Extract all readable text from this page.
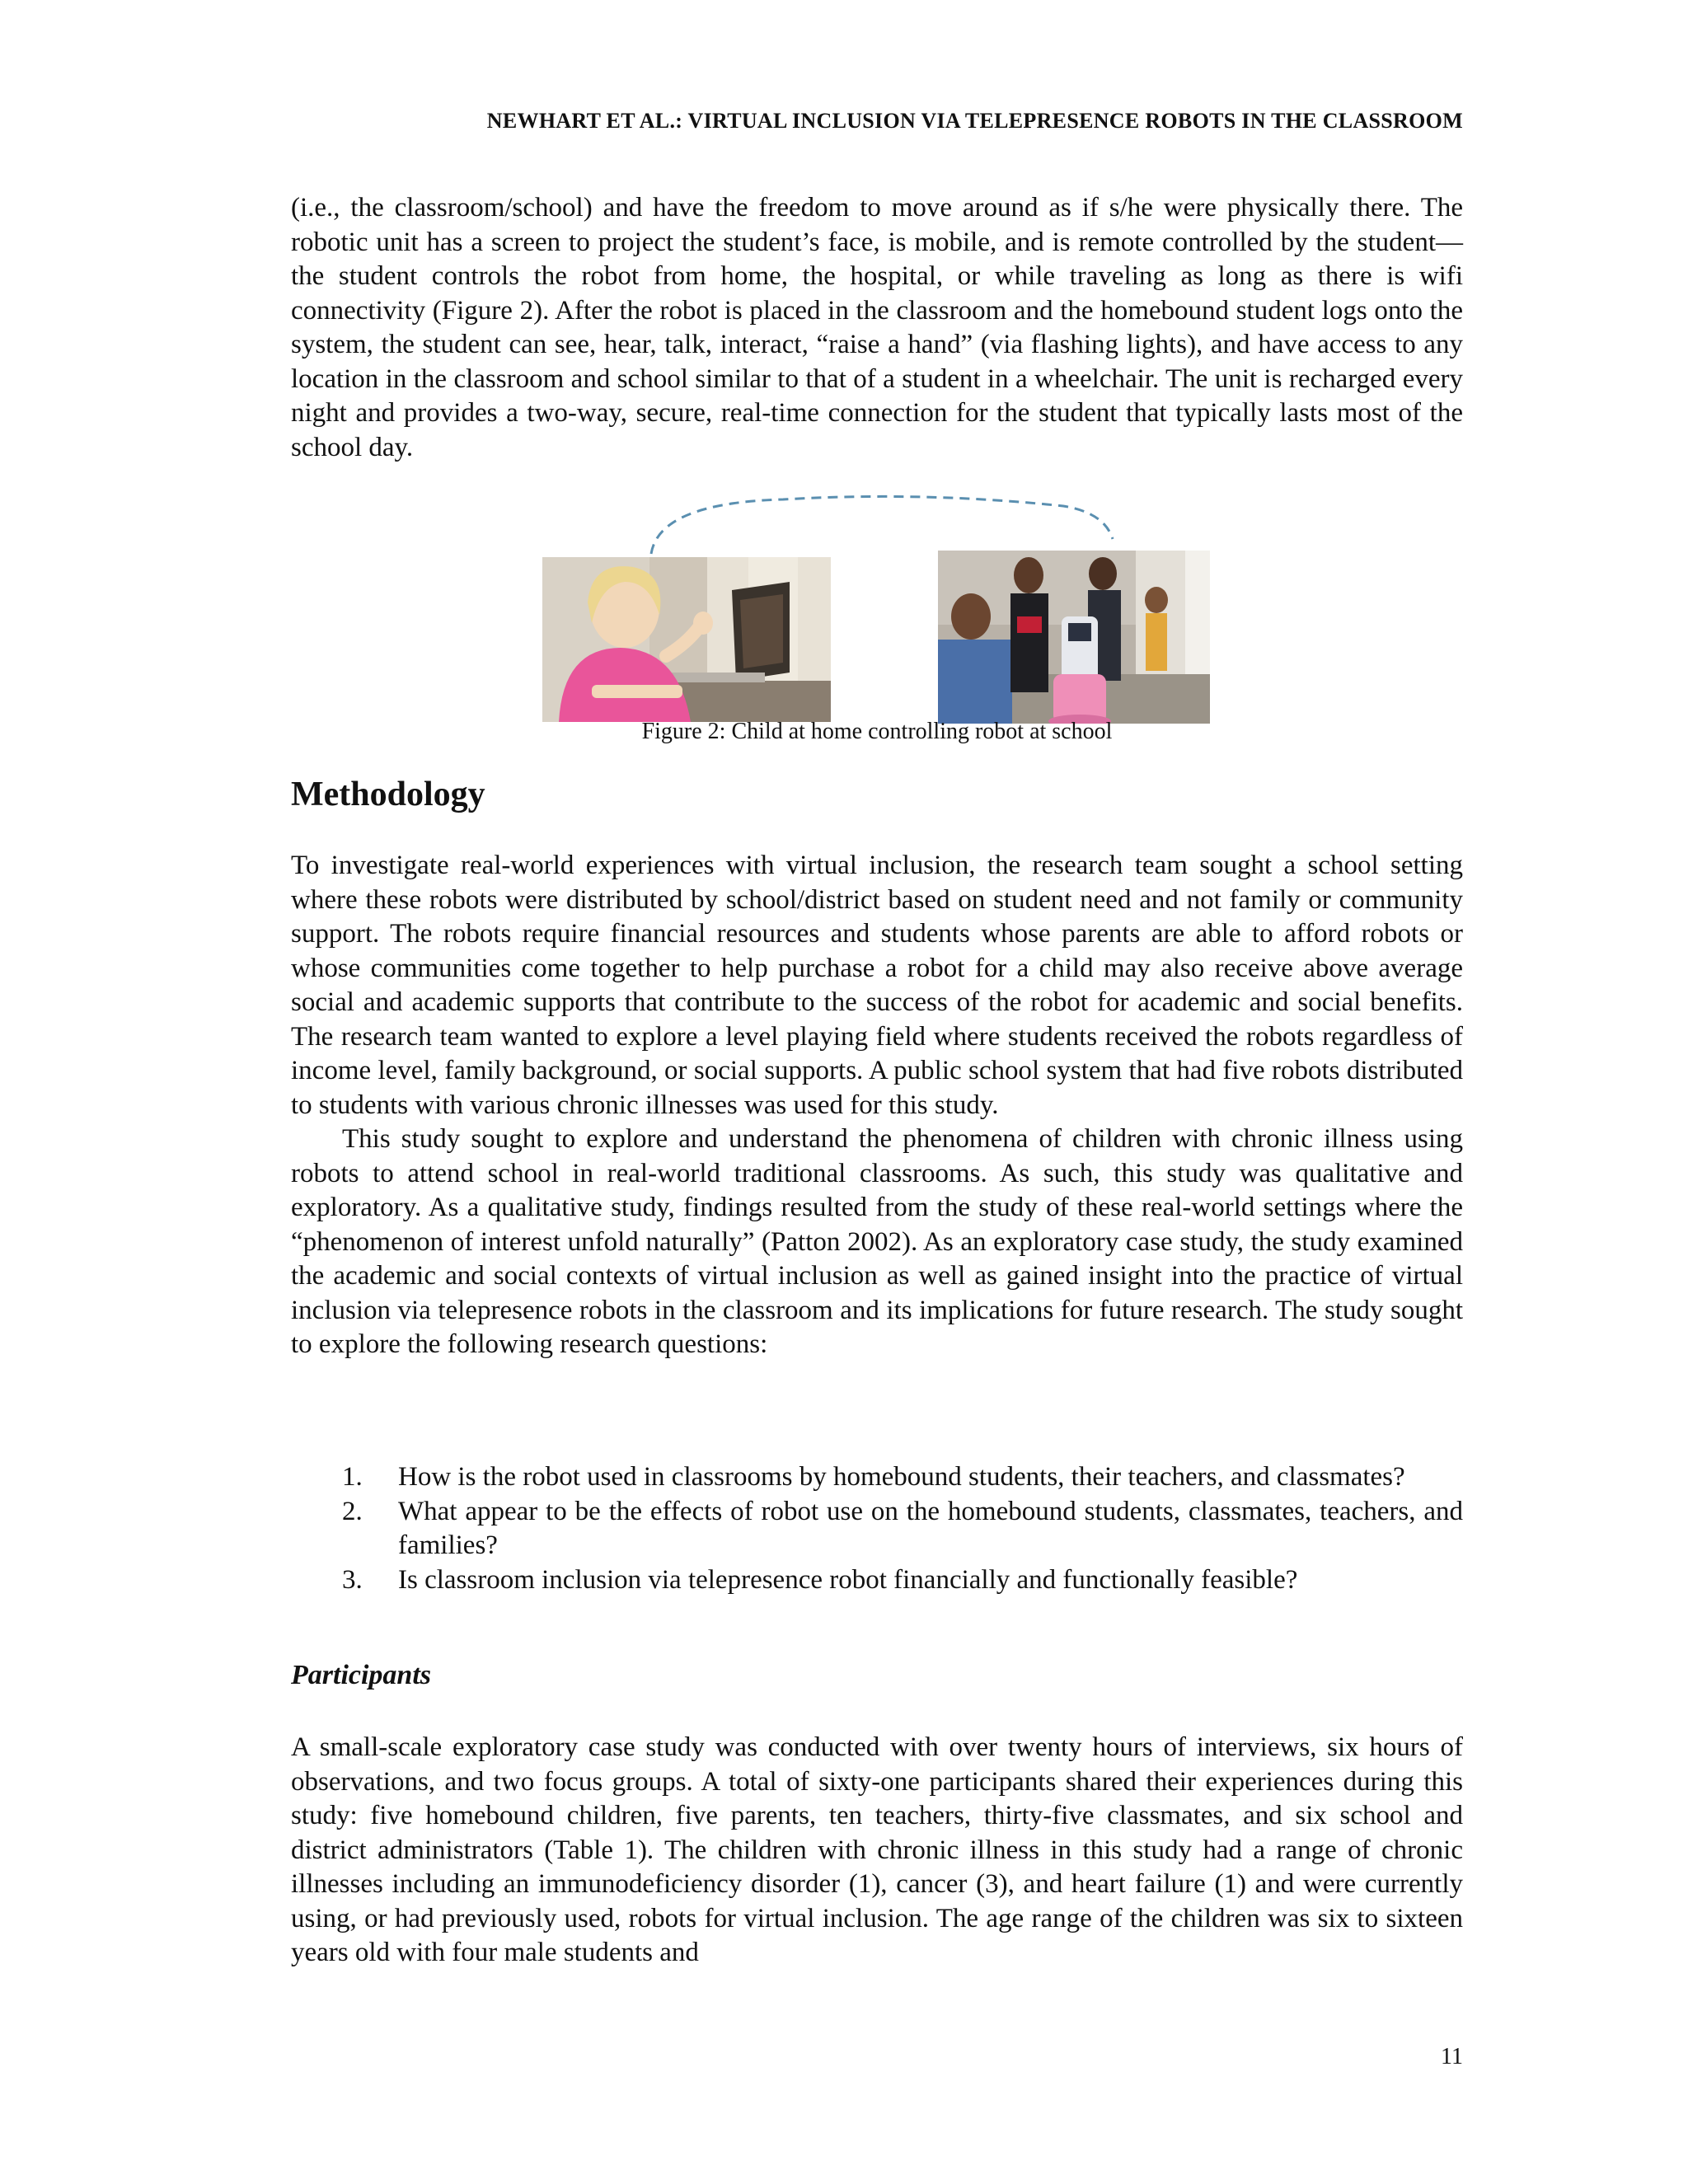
NEWHART ET AL.: VIRTUAL INCLUSION VIA TELEPRESENCE ROBOTS IN THE CLASSROOM

(i.e., the classroom/school) and have the freedom to move around as if s/he were physically there. The robotic unit has a screen to project the student’s face, is mobile, and is remote controlled by the student—the student controls the robot from home, the hospital, or while traveling as long as there is wifi connectivity (Figure 2). After the robot is placed in the classroom and the homebound student logs onto the system, the student can see, hear, talk, interact, “raise a hand” (via flashing lights), and have access to any location in the classroom and school similar to that of a student in a wheelchair. The unit is recharged every night and provides a two-way, secure, real-time connection for the student that typically lasts most of the school day.

Figure 2: Child at home controlling robot at school
Methodology

To investigate real-world experiences with virtual inclusion, the research team sought a school setting where these robots were distributed by school/district based on student need and not family or community support. The robots require financial resources and students whose parents are able to afford robots or whose communities come together to help purchase a robot for a child may also receive above average social and academic supports that contribute to the success of the robot for academic and social benefits. The research team wanted to explore a level playing field where students received the robots regardless of income level, family background, or social supports. A public school system that had five robots distributed to students with various chronic illnesses was used for this study.

This study sought to explore and understand the phenomena of children with chronic illness using robots to attend school in real-world traditional classrooms. As such, this study was qualitative and exploratory. As a qualitative study, findings resulted from the study of these real-world settings where the “phenomenon of interest unfold naturally” (Patton 2002). As an exploratory case study, the study examined the academic and social contexts of virtual inclusion as well as gained insight into the practice of virtual inclusion via telepresence robots in the classroom and its implications for future research. The study sought to explore the following research questions:

1. How is the robot used in classrooms by homebound students, their teachers, and classmates?
2. What appear to be the effects of robot use on the homebound students, classmates, teachers, and families?
3. Is classroom inclusion via telepresence robot financially and functionally feasible?
Participants

A small-scale exploratory case study was conducted with over twenty hours of interviews, six hours of observations, and two focus groups. A total of sixty-one participants shared their experiences during this study: five homebound children, five parents, ten teachers, thirty-five classmates, and six school and district administrators (Table 1). The children with chronic illness in this study had a range of chronic illnesses including an immunodeficiency disorder (1), cancer (3), and heart failure (1) and were currently using, or had previously used, robots for virtual inclusion. The age range of the children was six to sixteen years old with four male students and

11
